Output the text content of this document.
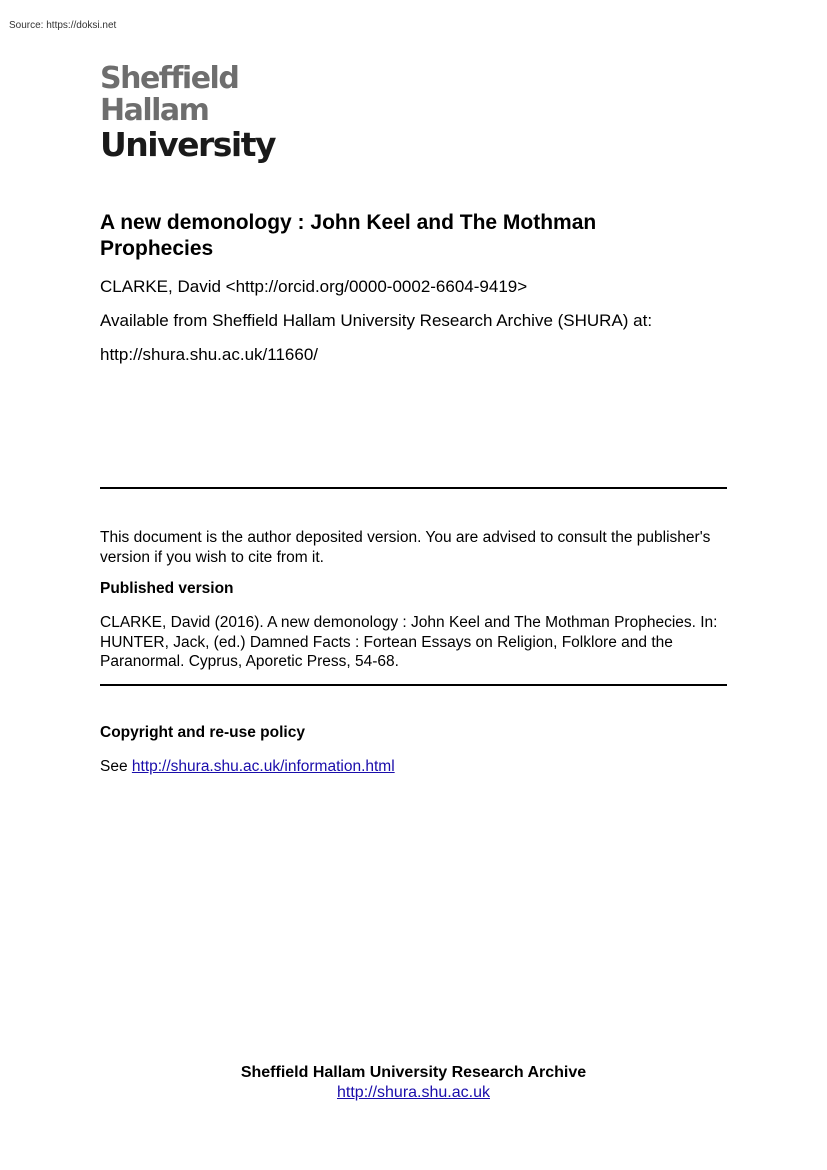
Source: https://doksi.net
Sheffield
Hallam
University
A new demonology : John Keel and The Mothman Prophecies

CLARKE, David <http://orcid.org/0000-0002-6604-9419>

Available from Sheffield Hallam University Research Archive (SHURA) at:

http://shura.shu.ac.uk/11660/

This document is the author deposited version. You are advised to consult the publisher's version if you wish to cite from it.

Published version

CLARKE, David (2016). A new demonology : John Keel and The Mothman Prophecies. In: HUNTER, Jack, (ed.) Damned Facts : Fortean Essays on Religion, Folklore and the Paranormal. Cyprus, Aporetic Press, 54-68.

Copyright and re-use policy

See http://shura.shu.ac.uk/information.html

Sheffield Hallam University Research Archive
http://shura.shu.ac.uk
